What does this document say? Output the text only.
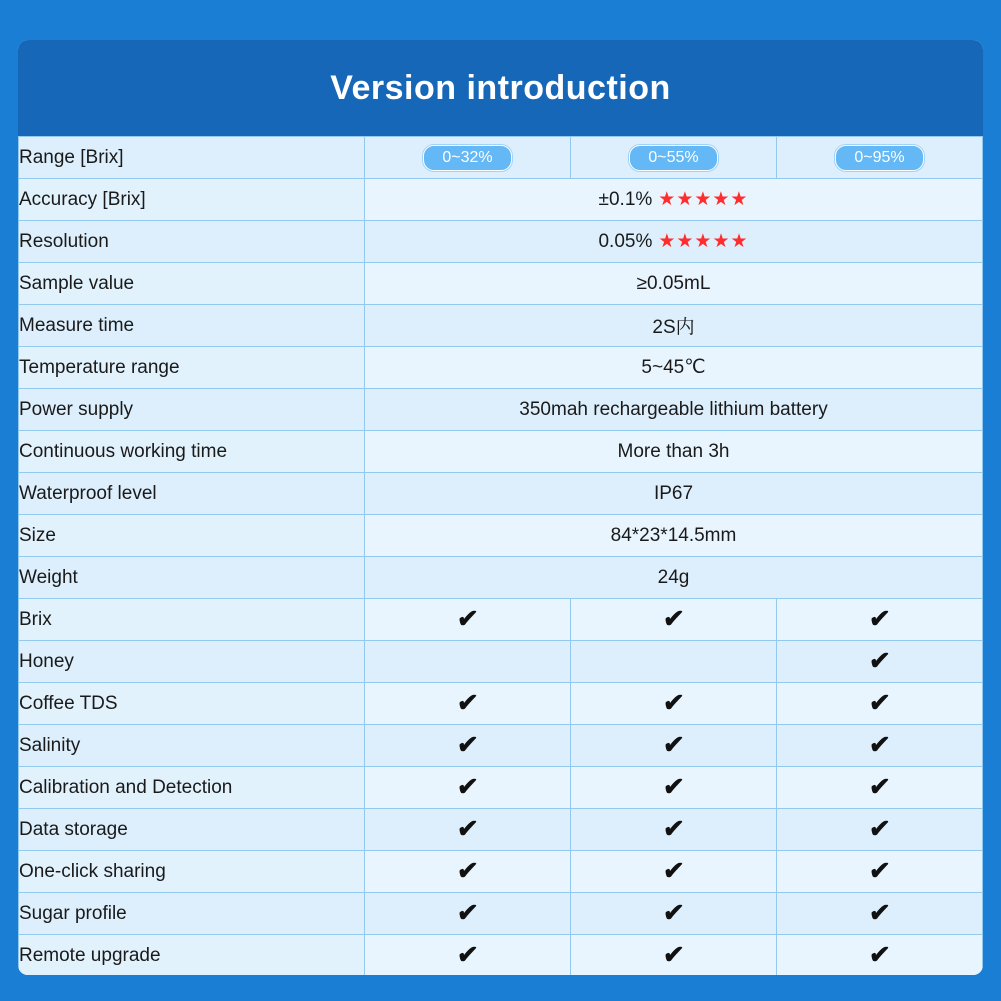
Version introduction
Range [Brix]	0~32%	0~55%	0~95%
Accuracy [Brix]	±0.1% ★★★★★		
Resolution	0.05% ★★★★★		
Sample value	≥0.05mL		
Measure time	2S内		
Temperature range	5~45℃		
Power supply	350mah rechargeable lithium battery		
Continuous working time	More than 3h		
Waterproof level	IP67		
Size	84*23*14.5mm		
Weight	24g		
Brix	✔	✔	✔
Honey			✔
Coffee TDS	✔	✔	✔
Salinity	✔	✔	✔
Calibration and Detection	✔	✔	✔
Data storage	✔	✔	✔
One-click sharing	✔	✔	✔
Sugar profile	✔	✔	✔
Remote upgrade	✔	✔	✔
